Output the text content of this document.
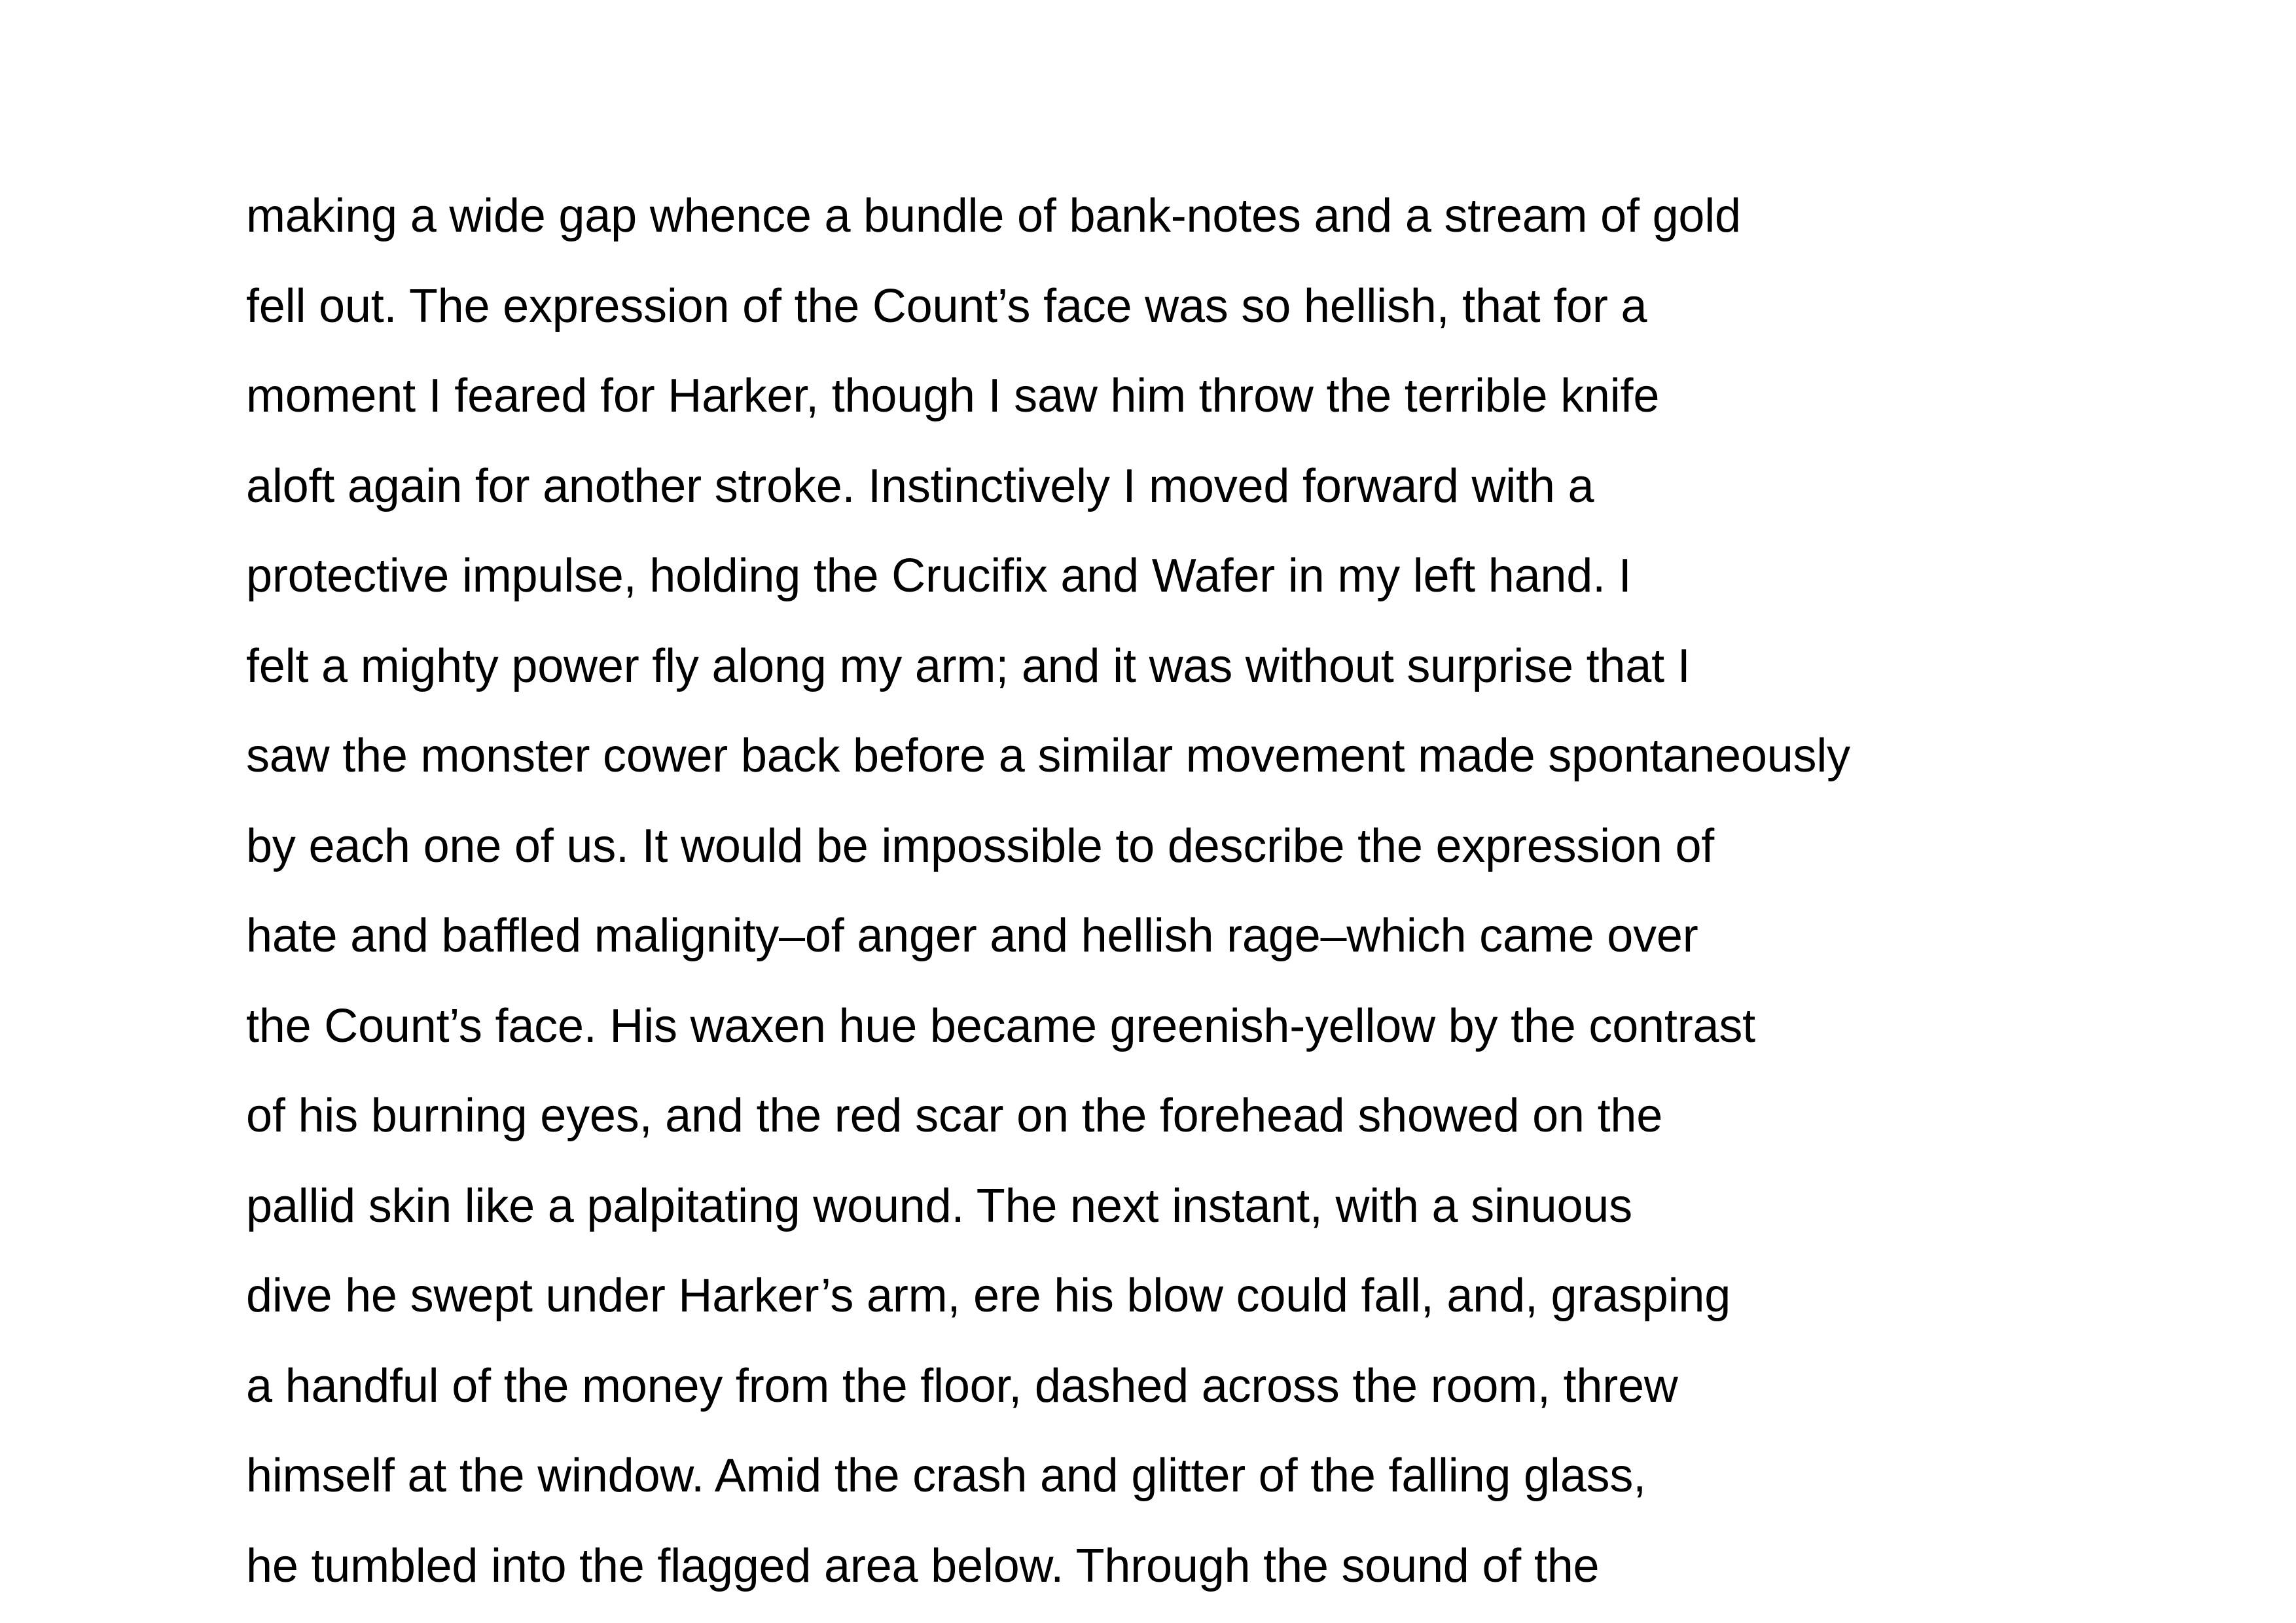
making a wide gap whence a bundle of bank-notes and a stream of gold
fell out. The expression of the Count’s face was so hellish, that for a
moment I feared for Harker, though I saw him throw the terrible knife
aloft again for another stroke. Instinctively I moved forward with a
protective impulse, holding the Crucifix and Wafer in my left hand. I
felt a mighty power fly along my arm; and it was without surprise that I
saw the monster cower back before a similar movement made spontaneously
by each one of us. It would be impossible to describe the expression of
hate and baffled malignity–of anger and hellish rage–which came over
the Count’s face. His waxen hue became greenish-yellow by the contrast
of his burning eyes, and the red scar on the forehead showed on the
pallid skin like a palpitating wound. The next instant, with a sinuous
dive he swept under Harker’s arm, ere his blow could fall, and, grasping
a handful of the money from the floor, dashed across the room, threw
himself at the window. Amid the crash and glitter of the falling glass,
he tumbled into the flagged area below. Through the sound of the
